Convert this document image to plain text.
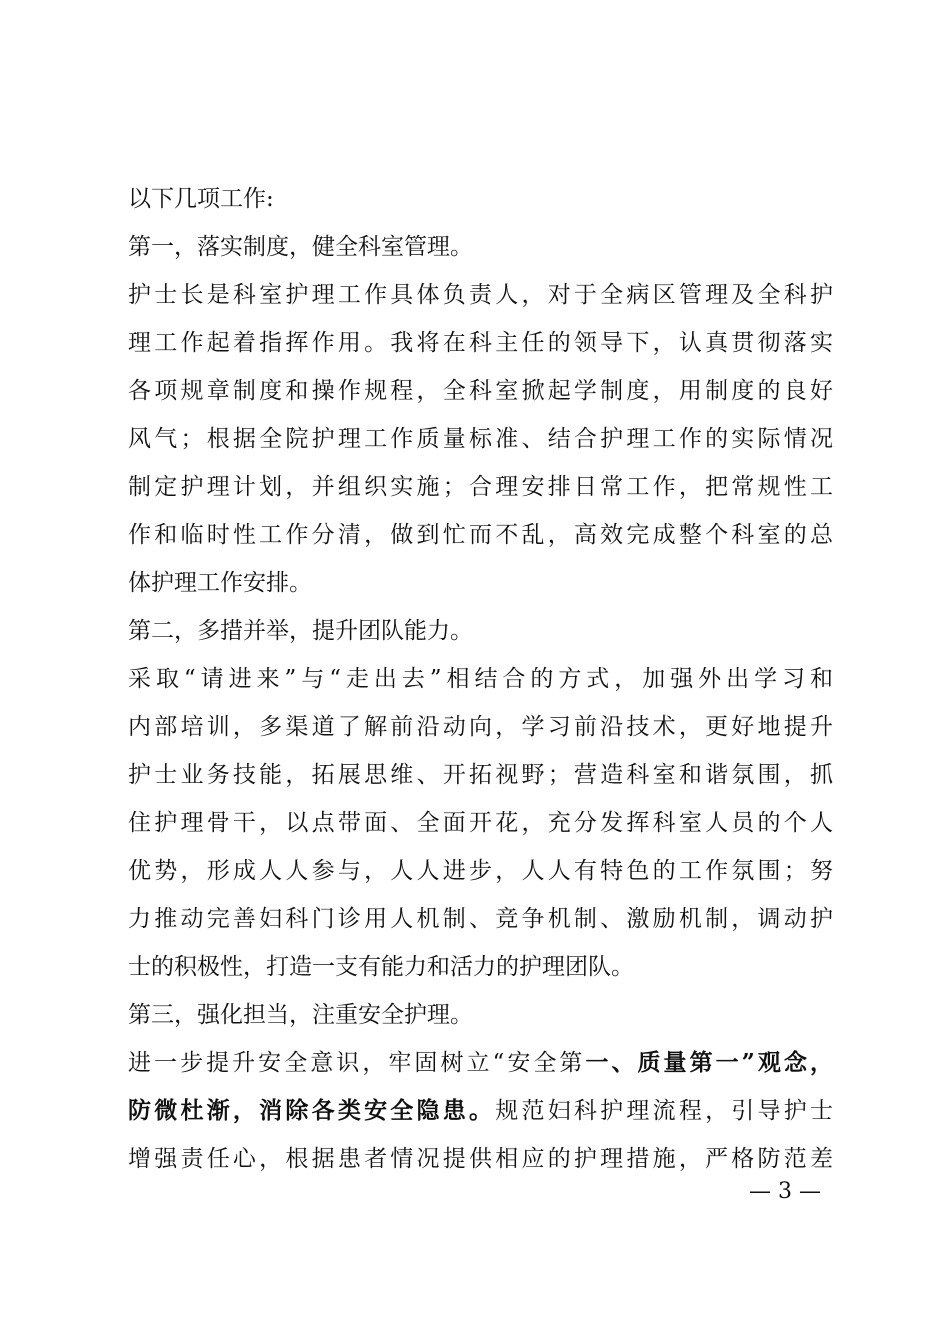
以下几项工作:
第一，落实制度，健全科室管理。
护士长是科室护理工作具体负责人，对于全病区管理及全科护
理工作起着指挥作用。我将在科主任的领导下，认真贯彻落实
各项规章制度和操作规程，全科室掀起学制度，用制度的良好
风气；根据全院护理工作质量标准、结合护理工作的实际情况
制定护理计划，并组织实施；合理安排日常工作，把常规性工
作和临时性工作分清，做到忙而不乱，高效完成整个科室的总
体护理工作安排。
第二，多措并举，提升团队能力。
采取“请进来”与“走出去”相结合的方式，加强外出学习和
内部培训，多渠道了解前沿动向，学习前沿技术，更好地提升
护士业务技能，拓展思维、开拓视野；营造科室和谐氛围，抓
住护理骨干，以点带面、全面开花，充分发挥科室人员的个人
优势，形成人人参与，人人进步，人人有特色的工作氛围；努
力推动完善妇科门诊用人机制、竞争机制、激励机制，调动护
士的积极性，打造一支有能力和活力的护理团队。
第三，强化担当，注重安全护理。
进一步提升安全意识，牢固树立“安全第一、质量第一”观念，
防微杜渐，消除各类安全隐患。规范妇科护理流程，引导护士
增强责任心，根据患者情况提供相应的护理措施，严格防范差
— 3 —
